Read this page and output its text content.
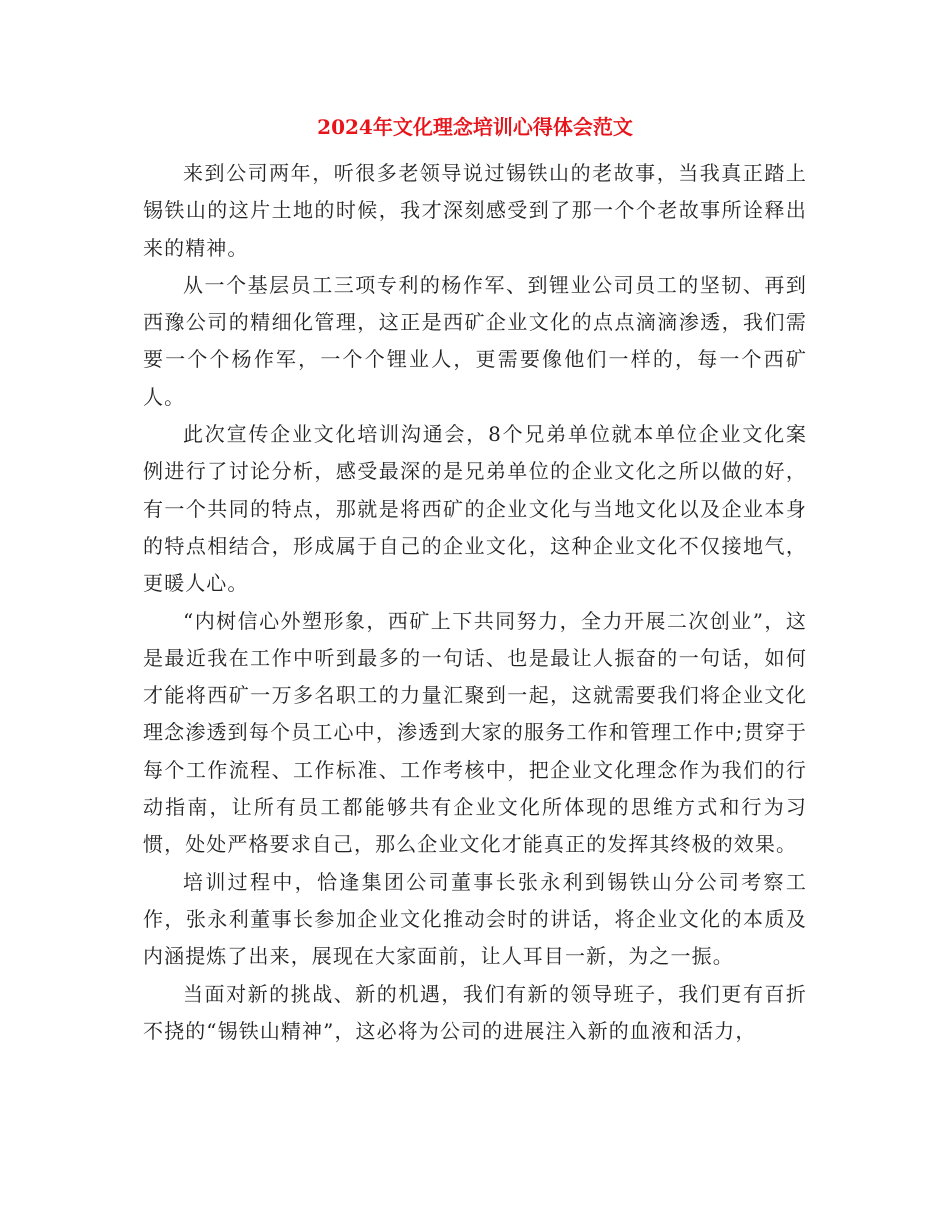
2024年文化理念培训心得体会范文

来到公司两年，听很多老领导说过锡铁山的老故事，当我真正踏上锡铁山的这片土地的时候，我才深刻感受到了那一个个老故事所诠释出来的精神。

从一个基层员工三项专利的杨作军、到锂业公司员工的坚韧、再到西豫公司的精细化管理，这正是西矿企业文化的点点滴滴渗透，我们需要一个个杨作军，一个个锂业人，更需要像他们一样的，每一个西矿人。

此次宣传企业文化培训沟通会，8个兄弟单位就本单位企业文化案例进行了讨论分析，感受最深的是兄弟单位的企业文化之所以做的好，有一个共同的特点，那就是将西矿的企业文化与当地文化以及企业本身的特点相结合，形成属于自己的企业文化，这种企业文化不仅接地气，更暖人心。

“内树信心外塑形象，西矿上下共同努力，全力开展二次创业”，这是最近我在工作中听到最多的一句话、也是最让人振奋的一句话，如何才能将西矿一万多名职工的力量汇聚到一起，这就需要我们将企业文化理念渗透到每个员工心中，渗透到大家的服务工作和管理工作中;贯穿于每个工作流程、工作标准、工作考核中，把企业文化理念作为我们的行动指南，让所有员工都能够共有企业文化所体现的思维方式和行为习惯，处处严格要求自己，那么企业文化才能真正的发挥其终极的效果。

培训过程中，恰逢集团公司董事长张永利到锡铁山分公司考察工作，张永利董事长参加企业文化推动会时的讲话，将企业文化的本质及内涵提炼了出来，展现在大家面前，让人耳目一新，为之一振。

当面对新的挑战、新的机遇，我们有新的领导班子，我们更有百折不挠的“锡铁山精神”，这必将为公司的进展注入新的血液和活力，
